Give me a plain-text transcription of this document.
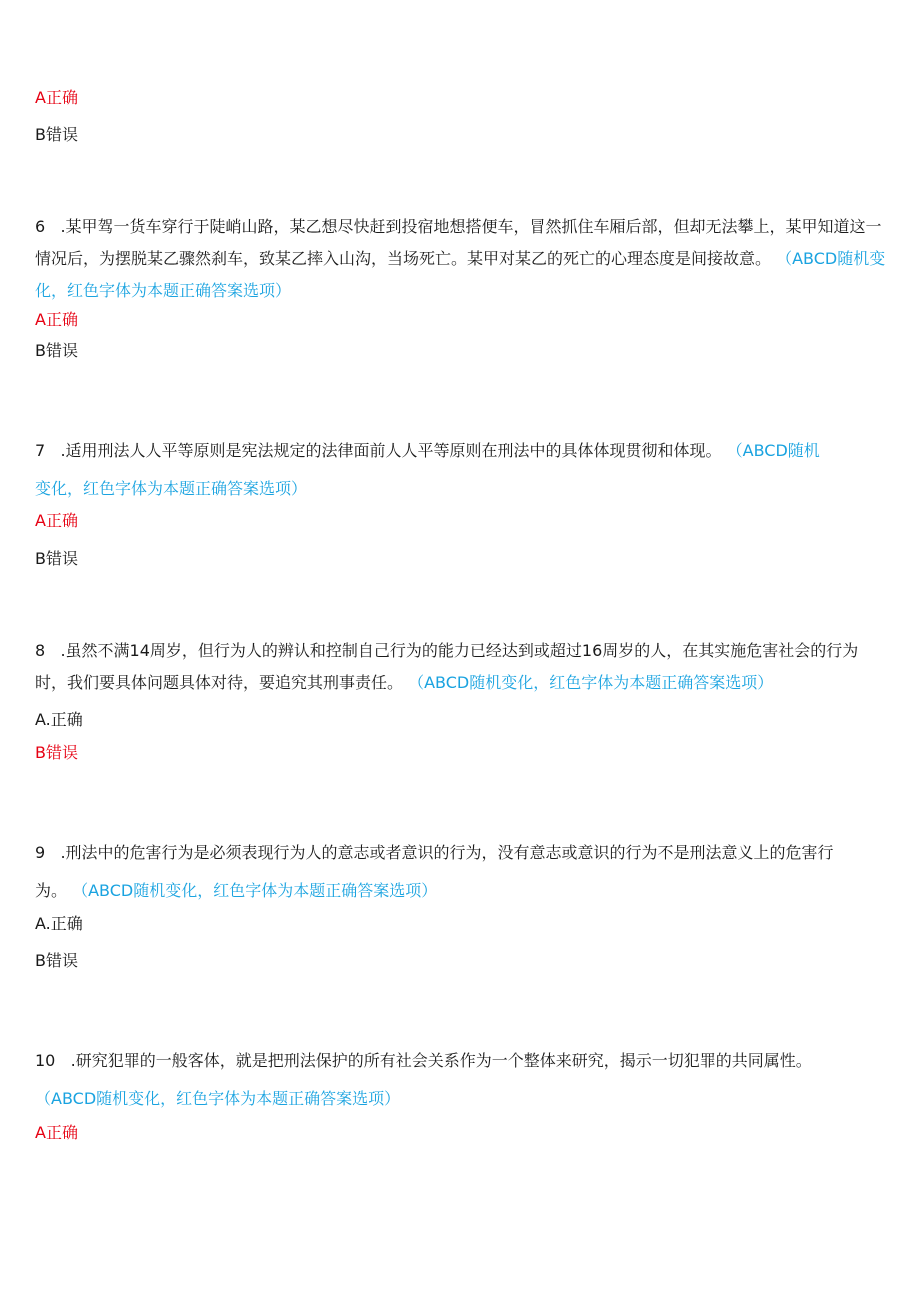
A正确
B错误
6   .某甲驾一货车穿行于陡峭山路，某乙想尽快赶到投宿地想搭便车，冒然抓住车厢后部，但却无法攀上，某甲知道这一情况后，为摆脱某乙骤然刹车，致某乙摔入山沟，当场死亡。某甲对某乙的死亡的心理态度是间接故意。 （ABCD随机变化，红色字体为本题正确答案选项）
A正确
B错误
7   .适用刑法人人平等原则是宪法规定的法律面前人人平等原则在刑法中的具体体现贯彻和体现。 （ABCD随机变化，红色字体为本题正确答案选项）
A正确
B错误
8   .虽然不满14周岁，但行为人的辨认和控制自己行为的能力已经达到或超过16周岁的人，在其实施危害社会的行为时，我们要具体问题具体对待，要追究其刑事责任。 （ABCD随机变化，红色字体为本题正确答案选项）
A.正确
B错误
9   .刑法中的危害行为是必须表现行为人的意志或者意识的行为，没有意志或意识的行为不是刑法意义上的危害行为。 （ABCD随机变化，红色字体为本题正确答案选项）
A.正确
B错误
10   .研究犯罪的一般客体，就是把刑法保护的所有社会关系作为一个整体来研究，揭示一切犯罪的共同属性。 （ABCD随机变化，红色字体为本题正确答案选项）
A正确
